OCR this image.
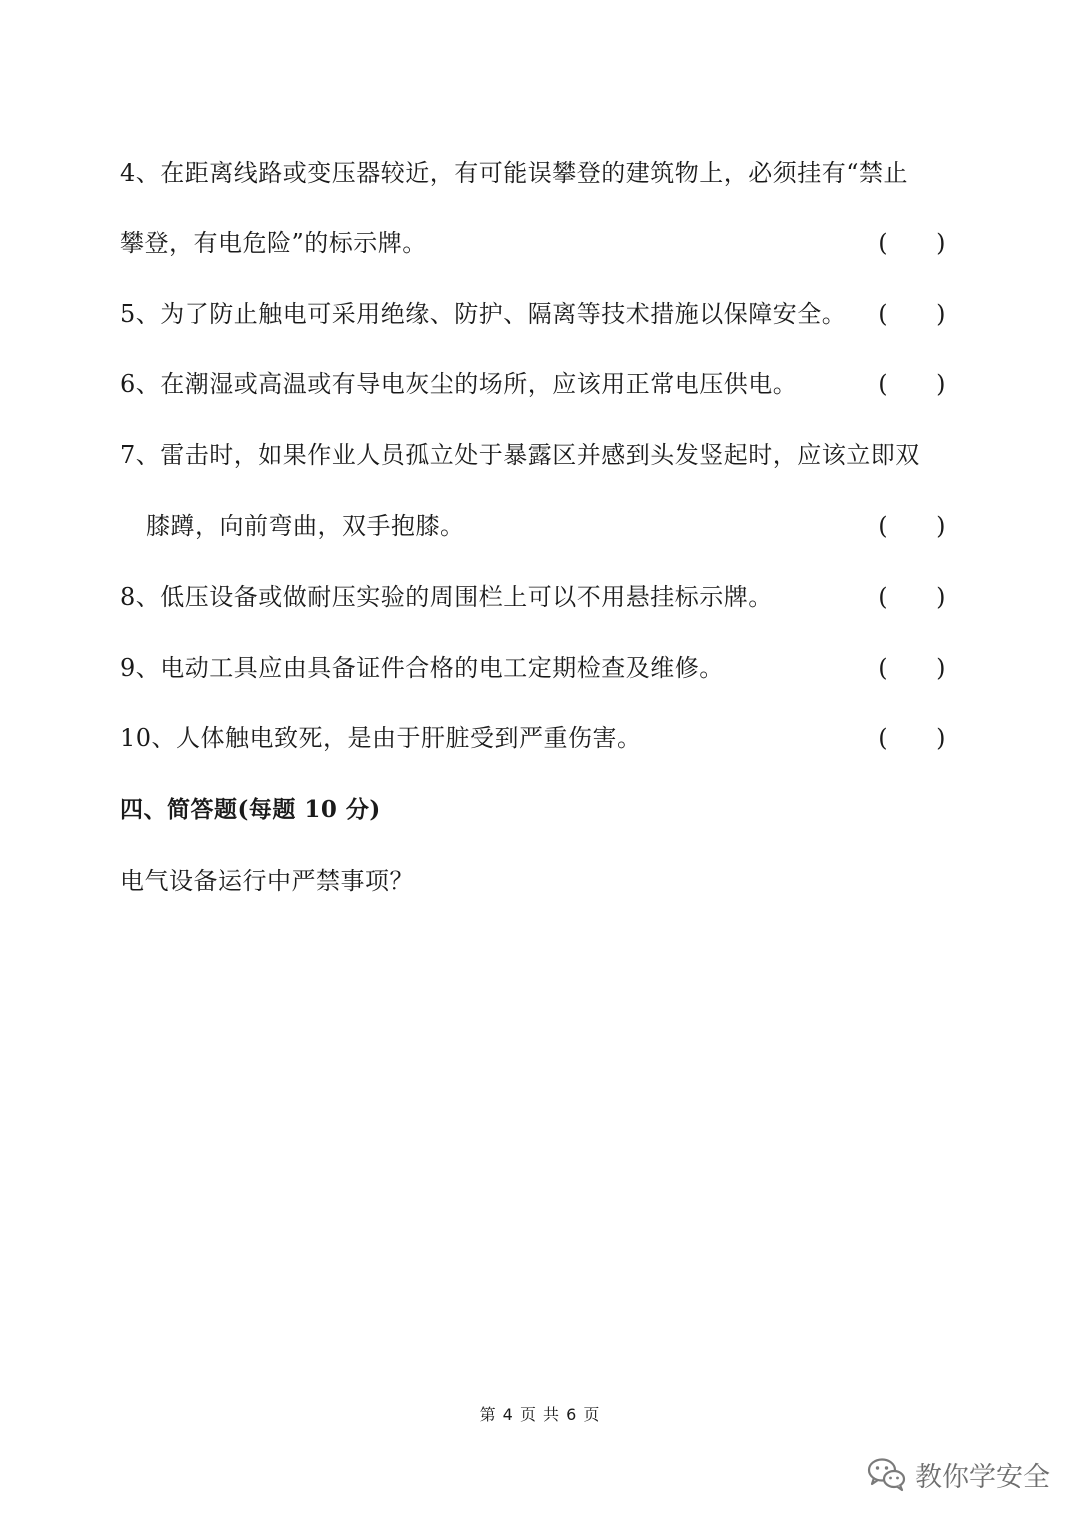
4、在距离线路或变压器较近，有可能误攀登的建筑物上，必须挂有“禁止
攀登，有电危险”的标示牌。	( )
5、为了防止触电可采用绝缘、防护、隔离等技术措施以保障安全。 ( )
6、在潮湿或高温或有导电灰尘的场所，应该用正常电压供电。	( )
7、雷击时，如果作业人员孤立处于暴露区并感到头发竖起时，应该立即双
膝蹲，向前弯曲，双手抱膝。	( )
8、低压设备或做耐压实验的周围栏上可以不用悬挂标示牌。	( )
9、电动工具应由具备证件合格的电工定期检查及维修。	( )
10、人体触电致死，是由于肝脏受到严重伤害。	( )
四、简答题(每题 10 分)
电气设备运行中严禁事项？
第 4 页 共 6 页
教你学安全
